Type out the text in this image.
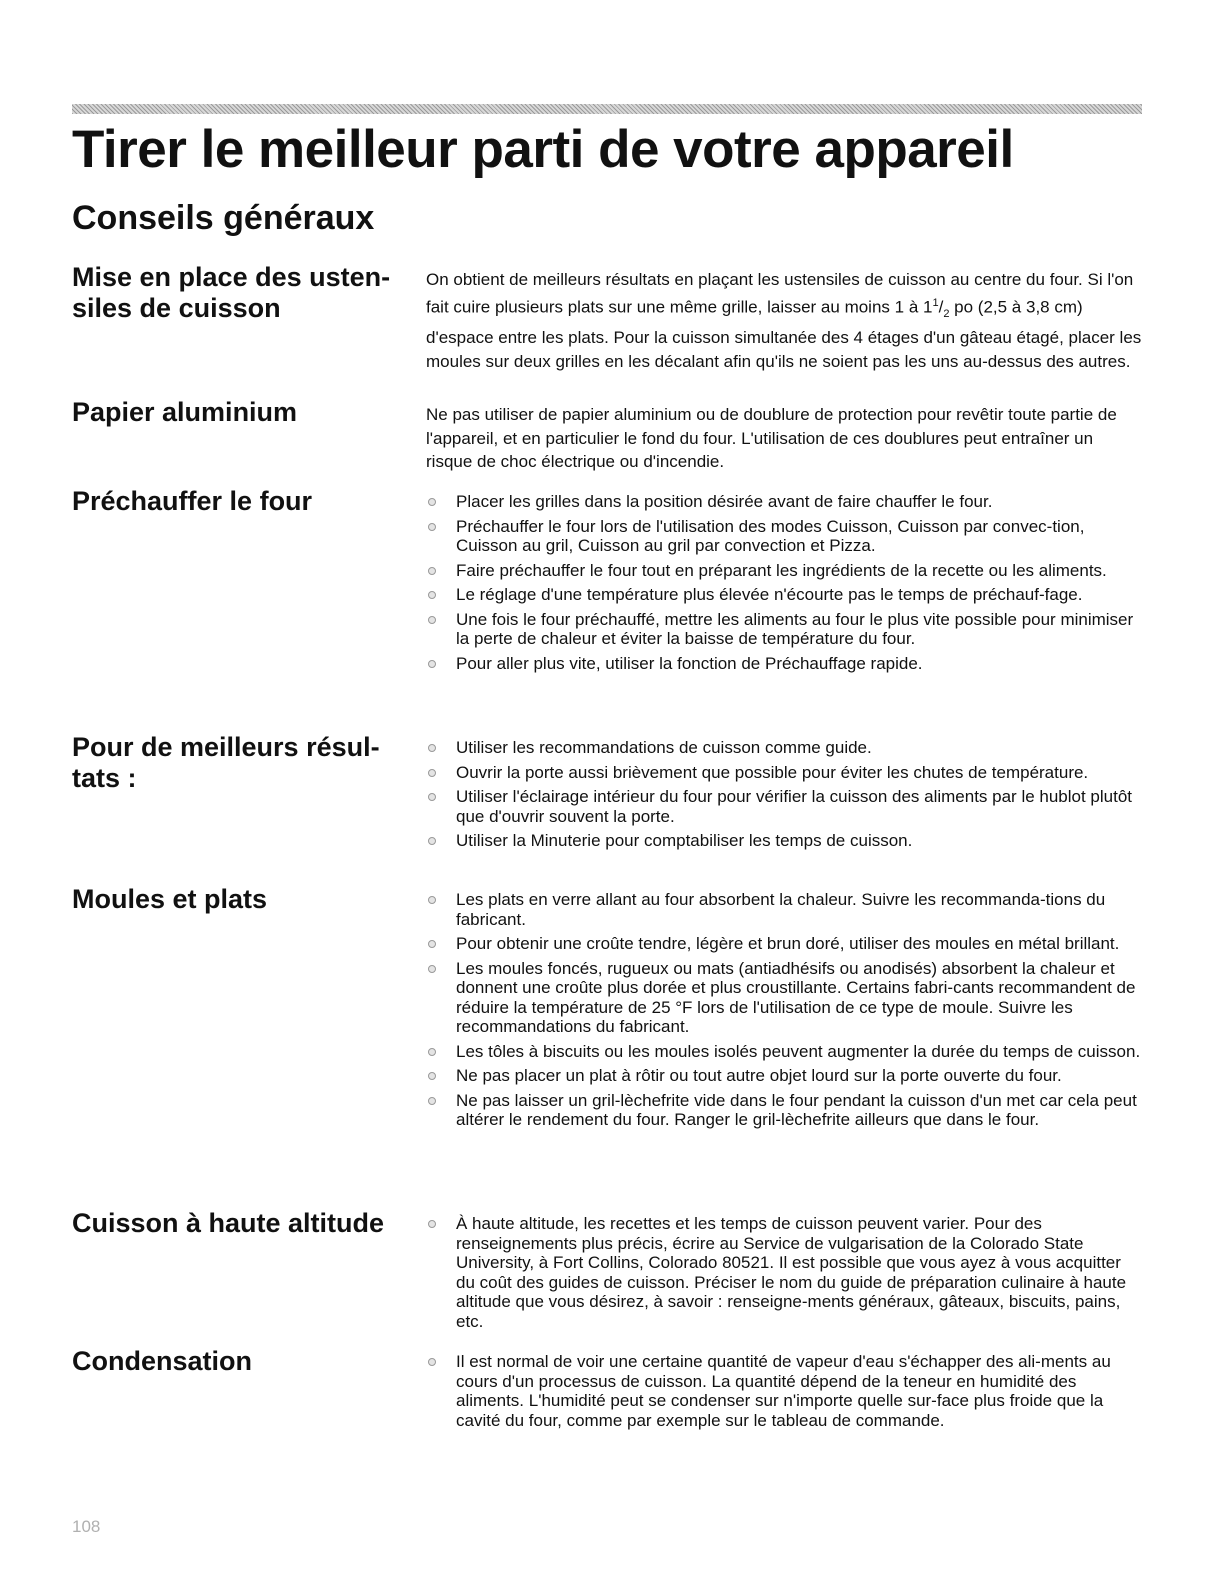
Tirer le meilleur parti de votre appareil
Conseils généraux
Mise en place des usten-siles de cuisson

On obtient de meilleurs résultats en plaçant les ustensiles de cuisson au centre du four. Si l'on fait cuire plusieurs plats sur une même grille, laisser au moins 1 à $1^1/_2$ po (2,5 à 3,8 cm) d'espace entre les plats. Pour la cuisson simultanée des 4 étages d'un gâteau étagé, placer les moules sur deux grilles en les décalant afin qu'ils ne soient pas les uns au-dessus des autres.

Papier aluminium	Ne pas utiliser de papier aluminium ou de doublure de protection pour revêtir toute partie de l'appareil, et en particulier le fond du four. L'utilisation de ces doublures peut entraîner un risque de choc électrique ou d'incendie.

Préchauffer le four	Placer les grilles dans la position désirée avant de faire chauffer le four.
Préchauffer le four lors de l'utilisation des modes Cuisson, Cuisson par convec-tion, Cuisson au gril, Cuisson au gril par convection et Pizza.
Faire préchauffer le four tout en préparant les ingrédients de la recette ou les aliments.
Le réglage d'une température plus élevée n'écourte pas le temps de préchauf-fage.
Une fois le four préchauffé, mettre les aliments au four le plus vite possible pour minimiser la perte de chaleur et éviter la baisse de température du four.
Pour aller plus vite, utiliser la fonction de Préchauffage rapide.
Pour de meilleurs résul-tats :
Utiliser les recommandations de cuisson comme guide.
Ouvrir la porte aussi brièvement que possible pour éviter les chutes de température.
Utiliser l'éclairage intérieur du four pour vérifier la cuisson des aliments par le hublot plutôt que d'ouvrir souvent la porte.
Utiliser la Minuterie pour comptabiliser les temps de cuisson.
Moules et plats	Les plats en verre allant au four absorbent la chaleur. Suivre les recommanda-tions du fabricant.
Pour obtenir une croûte tendre, légère et brun doré, utiliser des moules en métal brillant.
Les moules foncés, rugueux ou mats (antiadhésifs ou anodisés) absorbent la chaleur et donnent une croûte plus dorée et plus croustillante. Certains fabri-cants recommandent de réduire la température de 25 °F lors de l'utilisation de ce type de moule. Suivre les recommandations du fabricant.
Les tôles à biscuits ou les moules isolés peuvent augmenter la durée du temps de cuisson.
Ne pas placer un plat à rôtir ou tout autre objet lourd sur la porte ouverte du four.
Ne pas laisser un gril-lèchefrite vide dans le four pendant la cuisson d'un met car cela peut altérer le rendement du four. Ranger le gril-lèchefrite ailleurs que dans le four.
Cuisson à haute altitude	À haute altitude, les recettes et les temps de cuisson peuvent varier. Pour des renseignements plus précis, écrire au Service de vulgarisation de la Colorado State University, à Fort Collins, Colorado 80521. Il est possible que vous ayez à vous acquitter du coût des guides de cuisson. Préciser le nom du guide de préparation culinaire à haute altitude que vous désirez, à savoir : renseigne-ments généraux, gâteaux, biscuits, pains, etc.
Condensation	Il est normal de voir une certaine quantité de vapeur d'eau s'échapper des ali-ments au cours d'un processus de cuisson. La quantité dépend de la teneur en humidité des aliments. L'humidité peut se condenser sur n'importe quelle sur-face plus froide que la cavité du four, comme par exemple sur le tableau de commande.
108
